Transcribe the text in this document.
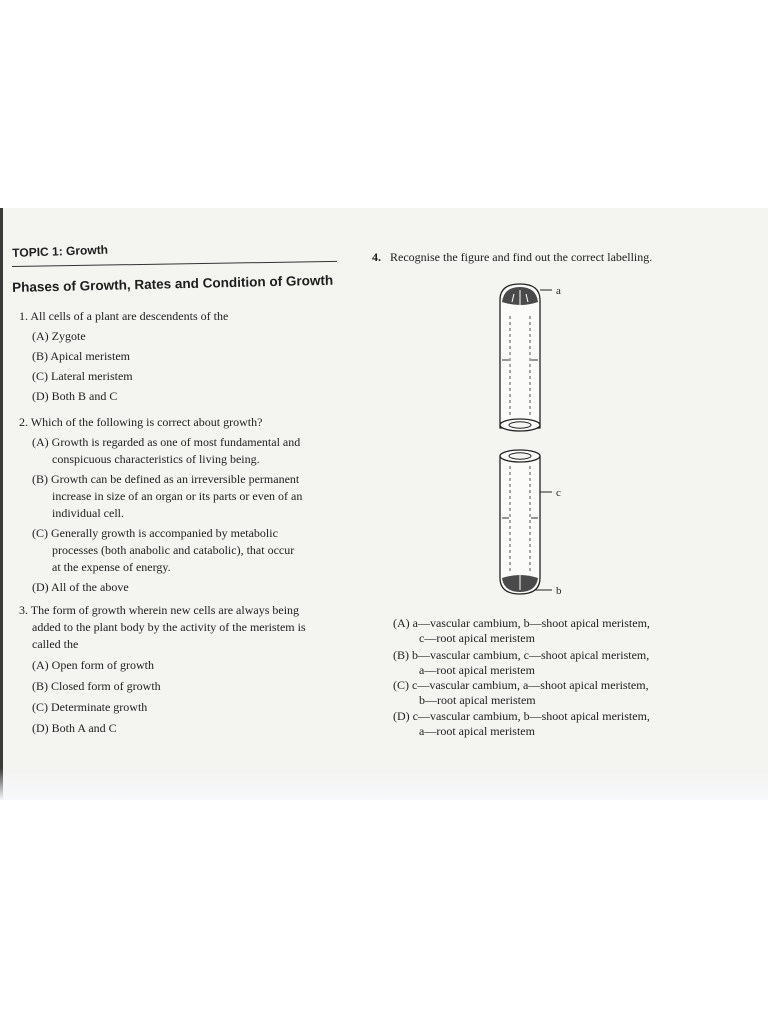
TOPIC 1: Growth
Phases of Growth, Rates and Condition of Growth
1. All cells of a plant are descendents of the
(A) Zygote
(B) Apical meristem
(C) Lateral meristem
(D) Both B and C
2. Which of the following is correct about growth?
(A) Growth is regarded as one of most fundamental and
conspicuous characteristics of living being.
(B) Growth can be defined as an irreversible permanent
increase in size of an organ or its parts or even of an
individual cell.
(C) Generally growth is accompanied by metabolic
processes (both anabolic and catabolic), that occur
at the expense of energy.
(D) All of the above
3. The form of growth wherein new cells are always being
added to the plant body by the activity of the meristem is
called the
(A) Open form of growth
(B) Closed form of growth
(C) Determinate growth
(D) Both A and C
4. Recognise the figure and find out the correct labelling.
a
c
b
(A) a—vascular cambium, b—shoot apical meristem,
c—root apical meristem
(B) b—vascular cambium, c—shoot apical meristem,
a—root apical meristem
(C) c—vascular cambium, a—shoot apical meristem,
b—root apical meristem
(D) c—vascular cambium, b—shoot apical meristem,
a—root apical meristem
